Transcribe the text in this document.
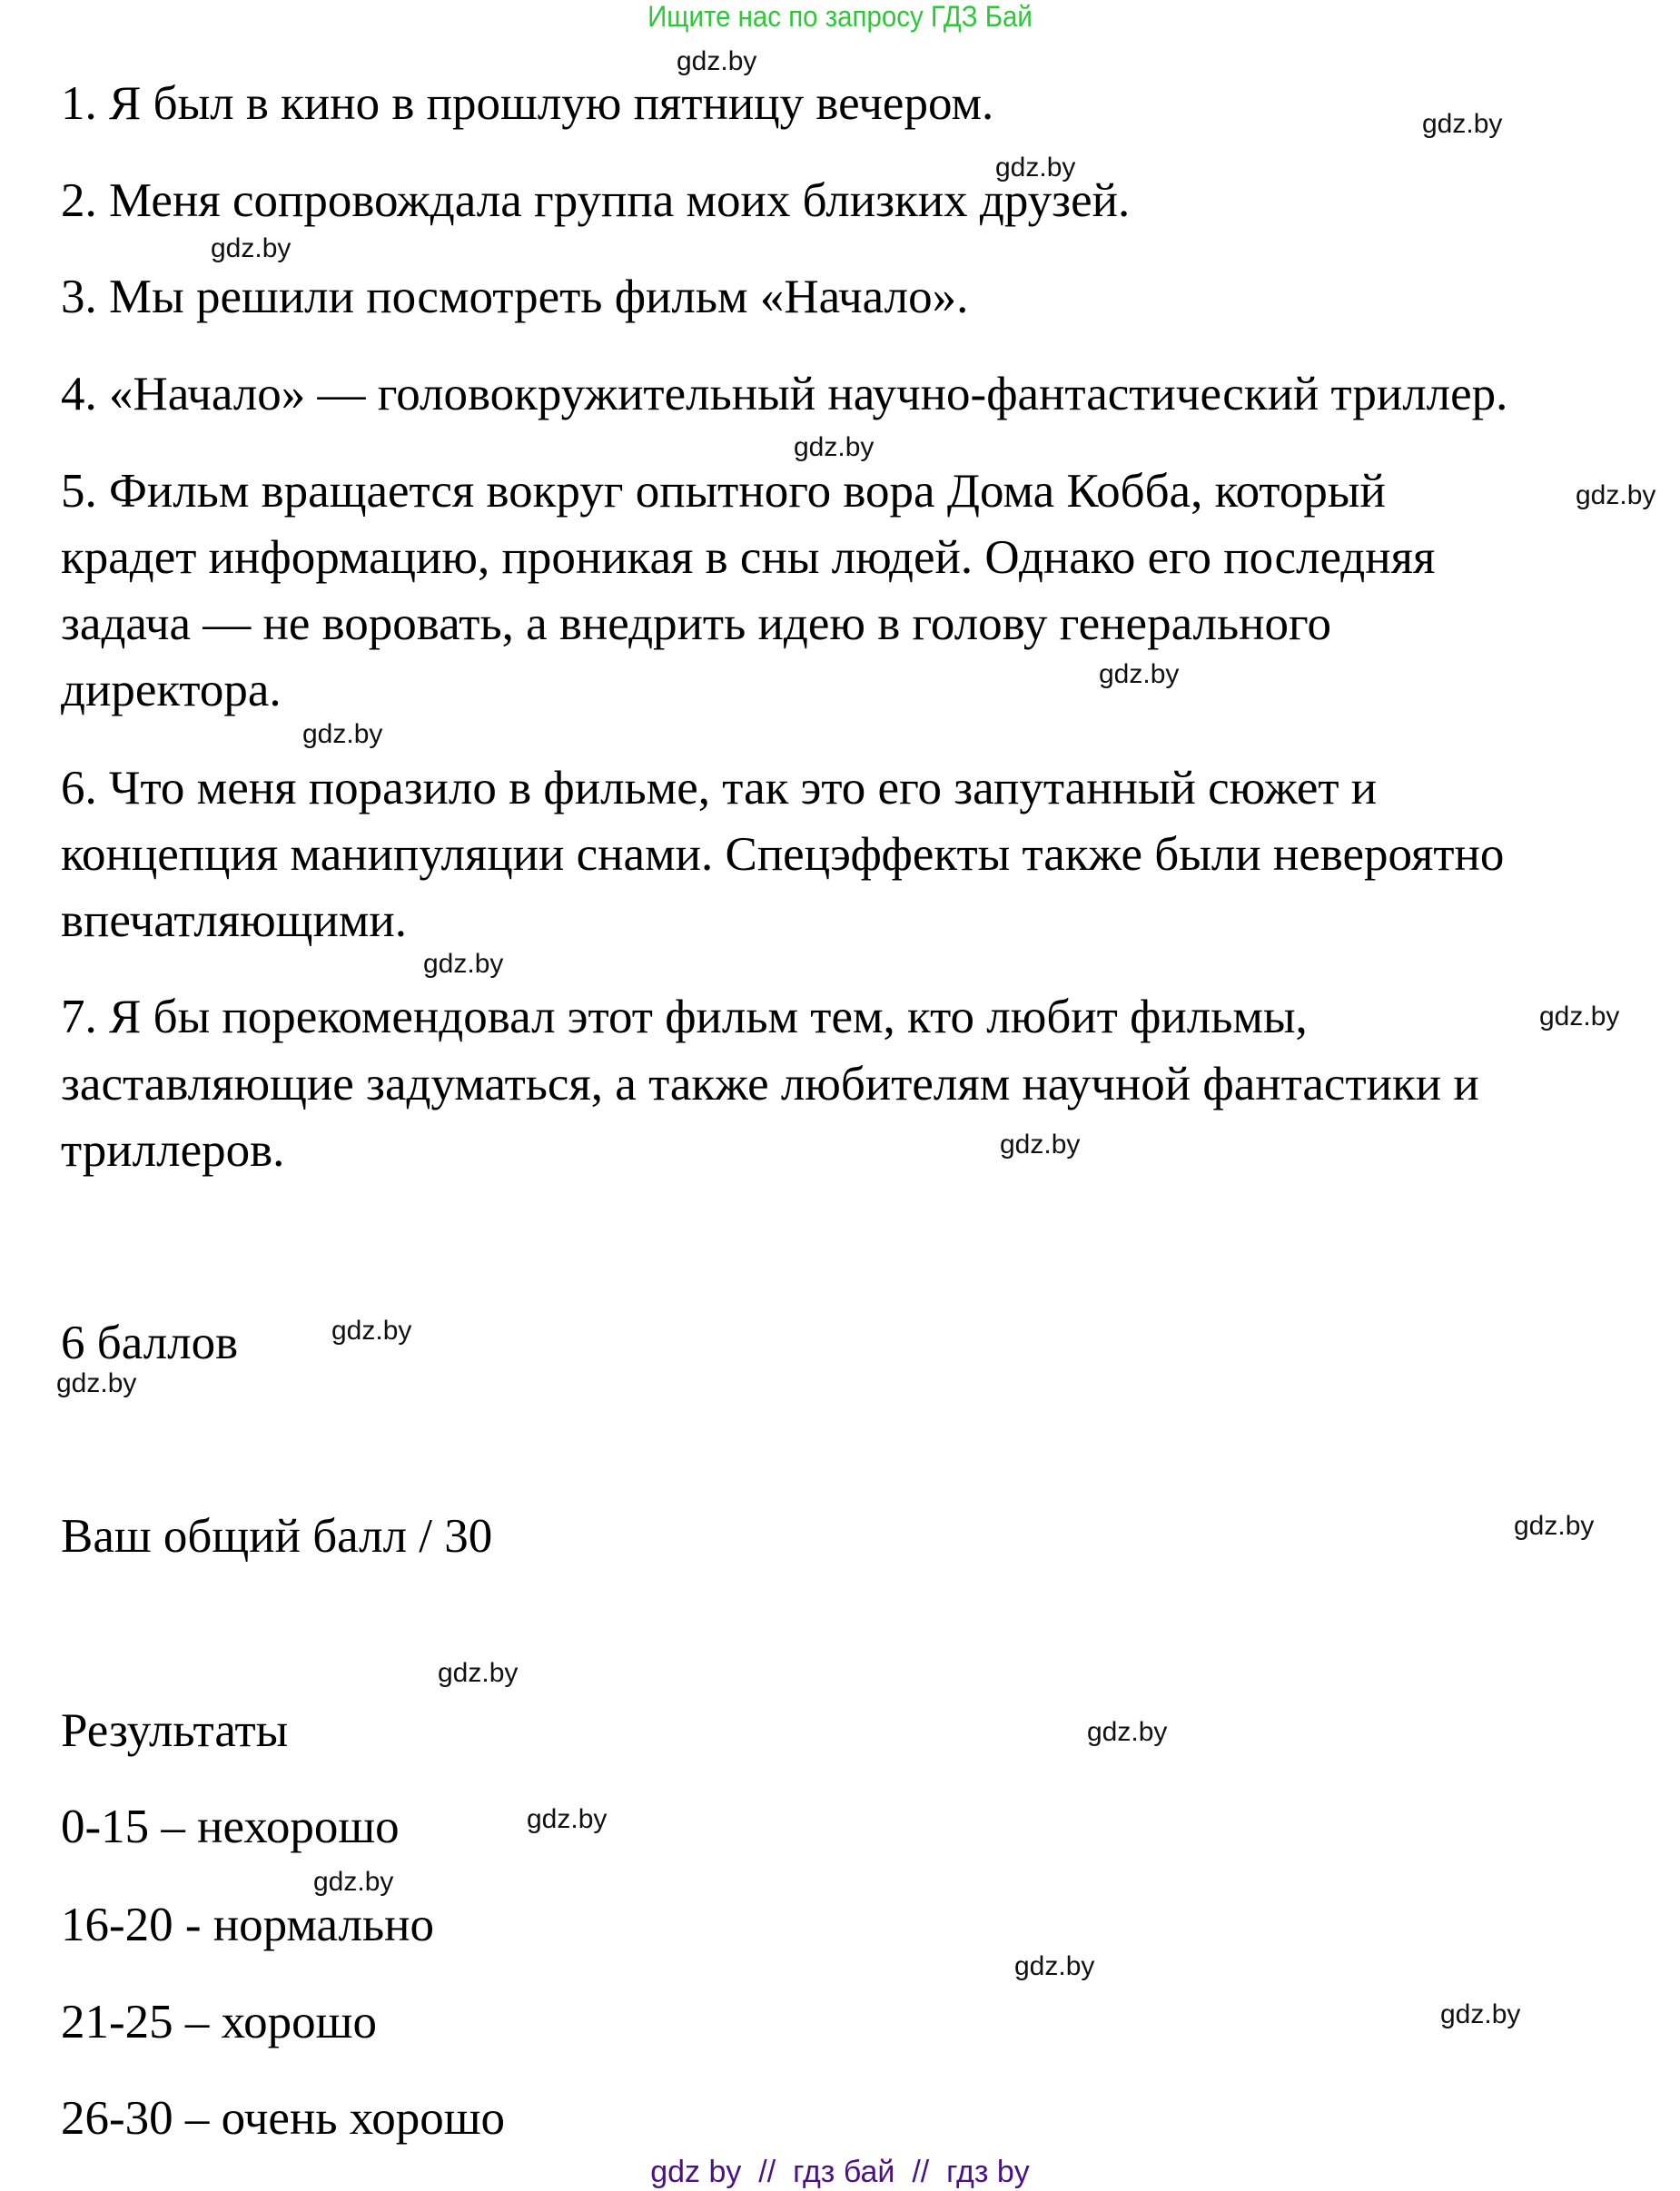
Ищите нас по запросу ГДЗ Бай
1. Я был в кино в прошлую пятницу вечером.
2. Меня сопровождала группа моих близких друзей.
3. Мы решили посмотреть фильм «Начало».
4. «Начало» — головокружительный научно-фантастический триллер.
5. Фильм вращается вокруг опытного вора Дома Кобба, который
крадет информацию, проникая в сны людей. Однако его последняя
задача — не воровать, а внедрить идею в голову генерального
директора.
6. Что меня поразило в фильме, так это его запутанный сюжет и
концепция манипуляции снами. Спецэффекты также были невероятно
впечатляющими.
7. Я бы порекомендовал этот фильм тем, кто любит фильмы,
заставляющие задуматься, а также любителям научной фантастики и
триллеров.
6 баллов
Ваш общий балл / 30
Результаты
0-15 – нехорошо
16-20 - нормально
21-25 – хорошо
26-30 – очень хорошо
gdz.by
gdz.by
gdz.by
gdz.by
gdz.by
gdz.by
gdz.by
gdz.by
gdz.by
gdz.by
gdz.by
gdz.by
gdz.by
gdz.by
gdz.by
gdz.by
gdz.by
gdz.by
gdz.by
gdz.by
gdz by  //  гдз бай  //  гдз by
